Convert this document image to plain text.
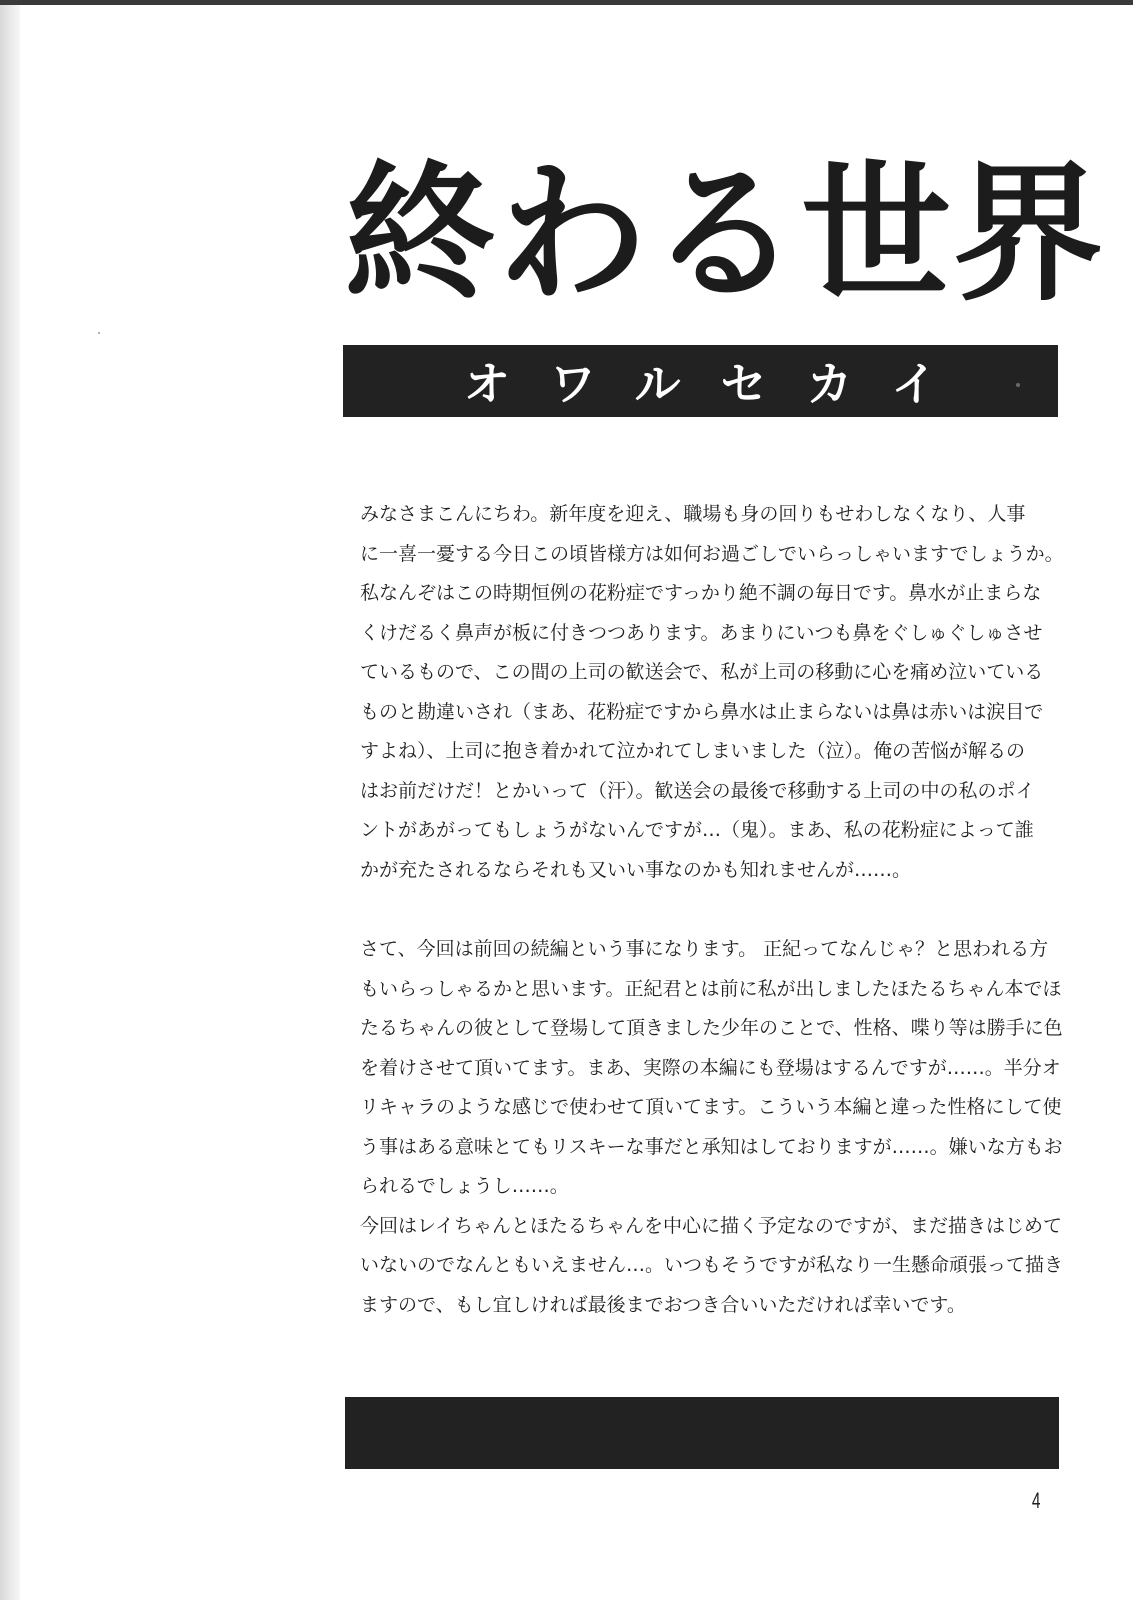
終わる世界
オワルセカイ
みなさまこんにちわ。新年度を迎え、職場も身の回りもせわしなくなり、人事
に一喜一憂する今日この頃皆様方は如何お過ごしでいらっしゃいますでしょうか。
私なんぞはこの時期恒例の花粉症ですっかり絶不調の毎日です。鼻水が止まらな
くけだるく鼻声が板に付きつつあります。あまりにいつも鼻をぐしゅぐしゅさせ
ているもので、この間の上司の歓送会で、私が上司の移動に心を痛め泣いている
ものと勘違いされ（まあ、花粉症ですから鼻水は止まらないは鼻は赤いは涙目で
すよね）、上司に抱き着かれて泣かれてしまいました（泣）。俺の苦悩が解るの
はお前だけだ！とかいって（汗）。歓送会の最後で移動する上司の中の私のポイ
ントがあがってもしょうがないんですが…（鬼）。まあ、私の花粉症によって誰
かが充たされるならそれも又いい事なのかも知れませんが……。
さて、今回は前回の続編という事になります。 正紀ってなんじゃ？と思われる方
もいらっしゃるかと思います。正紀君とは前に私が出しましたほたるちゃん本でほ
たるちゃんの彼として登場して頂きました少年のことで、性格、喋り等は勝手に色
を着けさせて頂いてます。まあ、実際の本編にも登場はするんですが……。半分オ
リキャラのような感じで使わせて頂いてます。こういう本編と違った性格にして使
う事はある意味とてもリスキーな事だと承知はしておりますが……。嫌いな方もお
られるでしょうし……。
今回はレイちゃんとほたるちゃんを中心に描く予定なのですが、まだ描きはじめて
いないのでなんともいえません…。いつもそうですが私なり一生懸命頑張って描き
ますので、もし宜しければ最後までおつき合いいただければ幸いです。
4
